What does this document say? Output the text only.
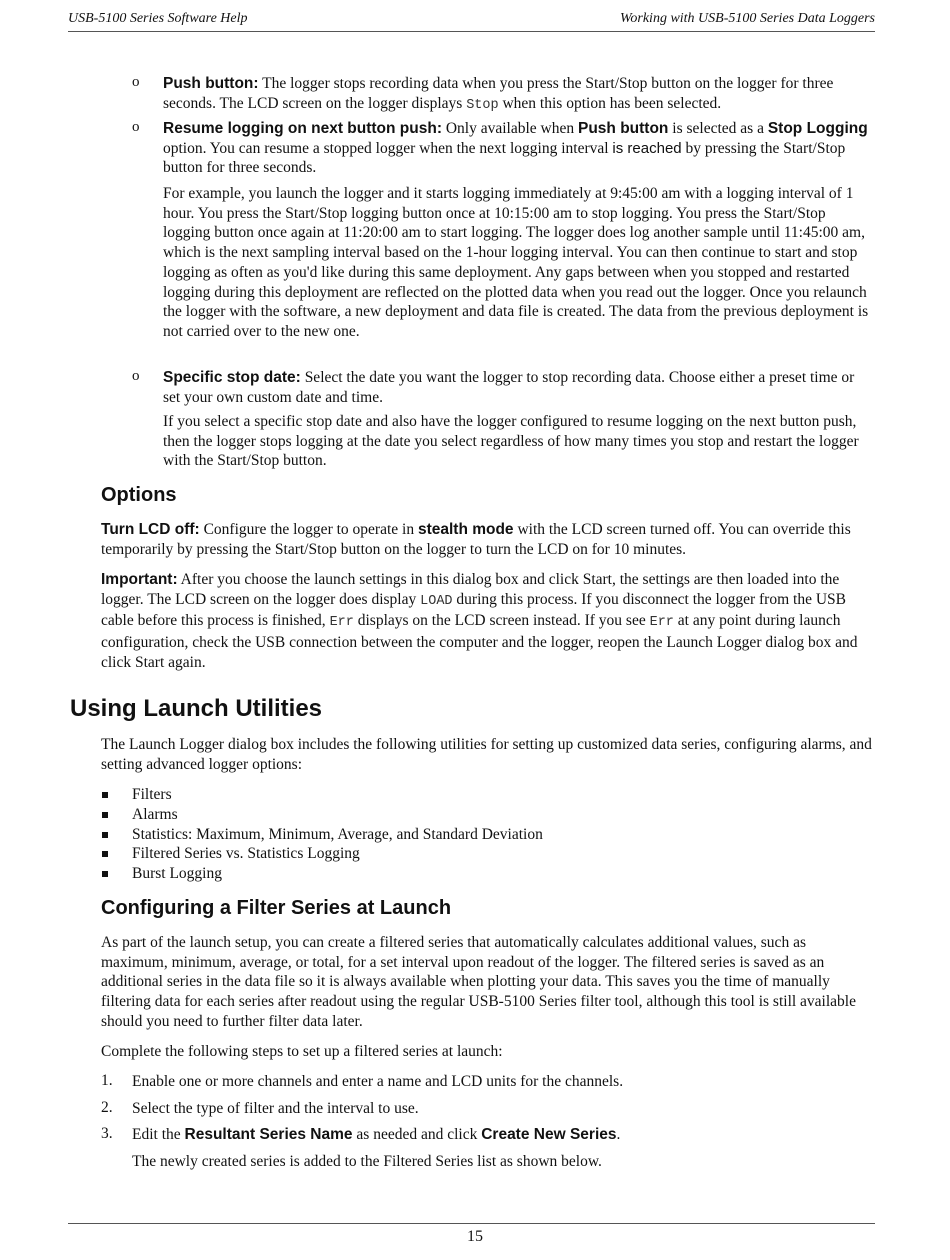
USB-5100 Series Software Help	Working with USB-5100 Series Data Loggers
o Push button: The logger stops recording data when you press the Start/Stop button on the logger for three seconds. The LCD screen on the logger displays Stop when this option has been selected.

o Resume logging on next button push: Only available when Push button is selected as a Stop Logging option. You can resume a stopped logger when the next logging interval is reached by pressing the Start/Stop button for three seconds.

For example, you launch the logger and it starts logging immediately at 9:45:00 am with a logging interval of 1 hour. You press the Start/Stop logging button once at 10:15:00 am to stop logging. You press the Start/Stop logging button once again at 11:20:00 am to start logging. The logger does log another sample until 11:45:00 am, which is the next sampling interval based on the 1-hour logging interval. You can then continue to start and stop logging as often as you'd like during this same deployment. Any gaps between when you stopped and restarted logging during this deployment are reflected on the plotted data when you read out the logger. Once you relaunch the logger with the software, a new deployment and data file is created. The data from the previous deployment is not carried over to the new one.

o Specific stop date: Select the date you want the logger to stop recording data. Choose either a preset time or set your own custom date and time.

If you select a specific stop date and also have the logger configured to resume logging on the next button push, then the logger stops logging at the date you select regardless of how many times you stop and restart the logger with the Start/Stop button.

Options

Turn LCD off: Configure the logger to operate in stealth mode with the LCD screen turned off. You can override this temporarily by pressing the Start/Stop button on the logger to turn the LCD on for 10 minutes.

Important: After you choose the launch settings in this dialog box and click Start, the settings are then loaded into the logger. The LCD screen on the logger does display LOAD during this process. If you disconnect the logger from the USB cable before this process is finished, Err displays on the LCD screen instead. If you see Err at any point during launch configuration, check the USB connection between the computer and the logger, reopen the Launch Logger dialog box and click Start again.

Using Launch Utilities

The Launch Logger dialog box includes the following utilities for setting up customized data series, configuring alarms, and setting advanced logger options:

Filters
Alarms
Statistics: Maximum, Minimum, Average, and Standard Deviation
Filtered Series vs. Statistics Logging
Burst Logging
Configuring a Filter Series at Launch

As part of the launch setup, you can create a filtered series that automatically calculates additional values, such as maximum, minimum, average, or total, for a set interval upon readout of the logger. The filtered series is saved as an additional series in the data file so it is always available when plotting your data. This saves you the time of manually filtering data for each series after readout using the regular USB-5100 Series filter tool, although this tool is still available should you need to further filter data later.

Complete the following steps to set up a filtered series at launch:

1. Enable one or more channels and enter a name and LCD units for the channels.
2. Select the type of filter and the interval to use.
3. Edit the Resultant Series Name as needed and click Create New Series.

The newly created series is added to the Filtered Series list as shown below.

15
